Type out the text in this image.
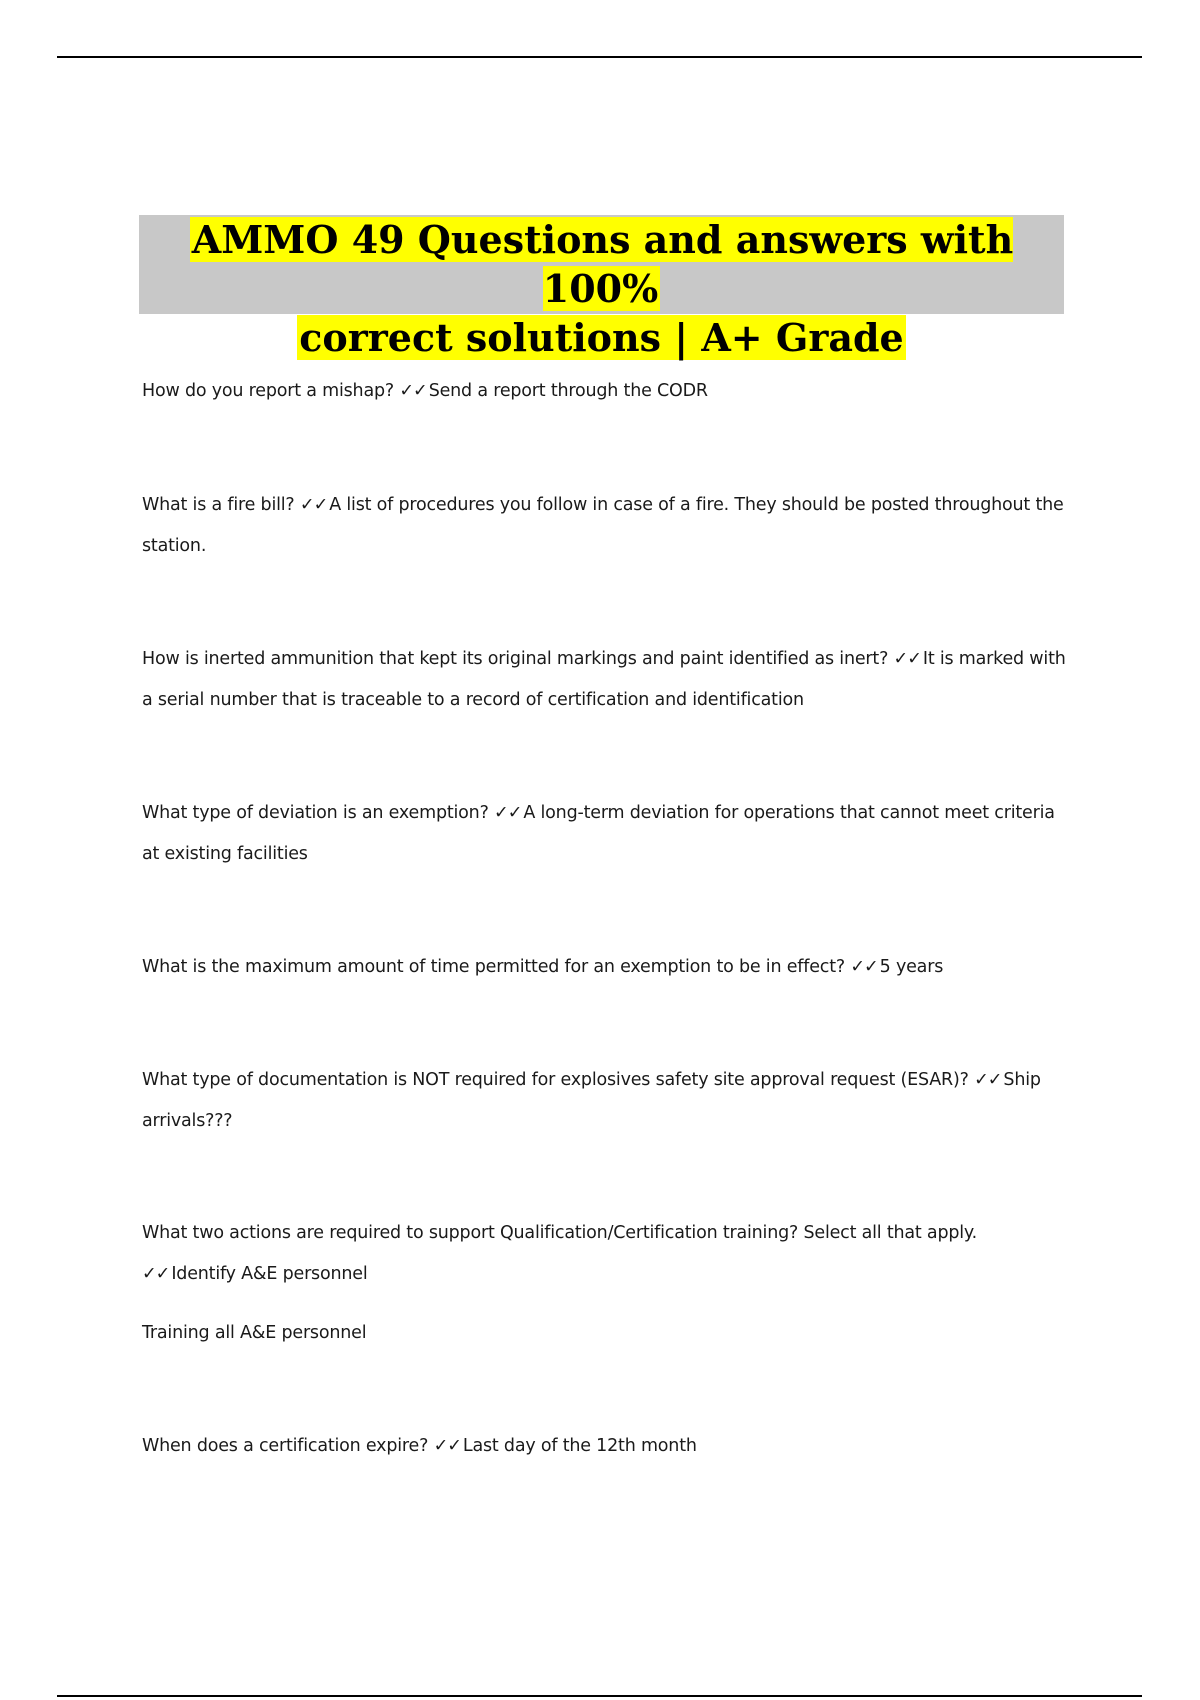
AMMO 49 Questions and answers with 100%
correct solutions | A+ Grade
How do you report a mishap? ✓✓ Send a report through the CODR
What is a fire bill? ✓✓ A list of procedures you follow in case of a fire. They should be posted throughout the station.
How is inerted ammunition that kept its original markings and paint identified as inert? ✓✓ It is marked with a serial number that is traceable to a record of certification and identification
What type of deviation is an exemption? ✓✓ A long-term deviation for operations that cannot meet criteria at existing facilities
What is the maximum amount of time permitted for an exemption to be in effect? ✓✓ 5 years
What type of documentation is NOT required for explosives safety site approval request (ESAR)? ✓✓ Ship arrivals???
What two actions are required to support Qualification/Certification training? Select all that apply. ✓✓ Identify A&E personnel
Training all A&E personnel
When does a certification expire? ✓✓ Last day of the 12th month
